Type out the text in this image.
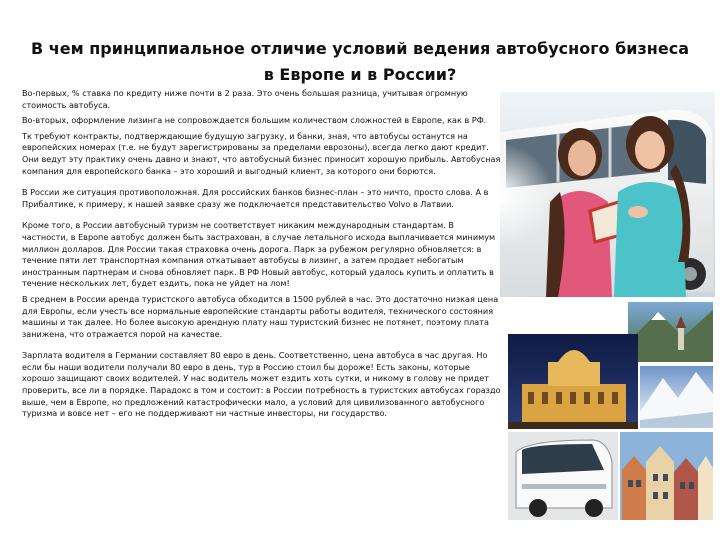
В чем принципиальное отличие условий ведения автобусного бизнеса в Европе и в России?

Во-первых, % ставка по кредиту ниже почти в 2 раза. Это очень большая разница, учитывая огромную стоимость автобуса.

Во-вторых, оформление лизинга не сопровождается большим количеством сложностей в Европе, как в РФ.

Тк требуют контракты, подтверждающие будущую загрузку, и банки, зная, что автобусы останутся на европейских номерах (т.е. не будут зарегистрированы за пределами еврозоны), всегда легко дают кредит. Они ведут эту практику очень давно и знают, что автобусный бизнес приносит хорошую прибыль. Автобусная компания для европейского банка – это хороший и выгодный клиент, за которого они борются.

В России же ситуация противоположная. Для российских банков бизнес-план – это ничто, просто слова. А в Прибалтике, к примеру, к нашей заявке сразу же подключается представительство Volvo в Латвии.

Кроме того, в России автобусный туризм не соответствует никаким международным стандартам. В частности, в Европе автобус должен быть застрахован, в случае летального исхода выплачивается минимум миллион долларов. Для России такая страховка очень дорога. Парк за рубежом регулярно обновляется: в течение пяти лет транспортная компания откатывает автобусы в лизинг, а затем продает небогатым иностранным партнерам и снова обновляет парк. В РФ Новый автобус, который удалось купить и оплатить в течение нескольких лет, будет ездить, пока не уйдет на лом!

В среднем в России аренда туристского автобуса обходится в 1500 рублей в час. Это достаточно низкая цена для Европы, если учесть все нормальные европейские стандарты работы водителя, технического состояния машины и так далее. Но более высокую арендную плату наш туристский бизнес не потянет, поэтому плата занижена, что отражается порой на качестве.

Зарплата водителя в Германии составляет 80 евро в день. Соответственно, цена автобуса в час другая. Но если бы наши водители получали 80 евро в день, тур в Россию стоил бы дороже! Есть законы, которые хорошо защищают своих водителей. У нас водитель может ездить хоть сутки, и никому в голову не придет проверить, все ли в порядке. Парадокс в том и состоит: в России потребность в туристских автобусах гораздо выше, чем в Европе, но предложений катастрофически мало, а условий для цивилизованного автобусного туризма и вовсе нет – его не поддерживают ни частные инвесторы, ни государство.
